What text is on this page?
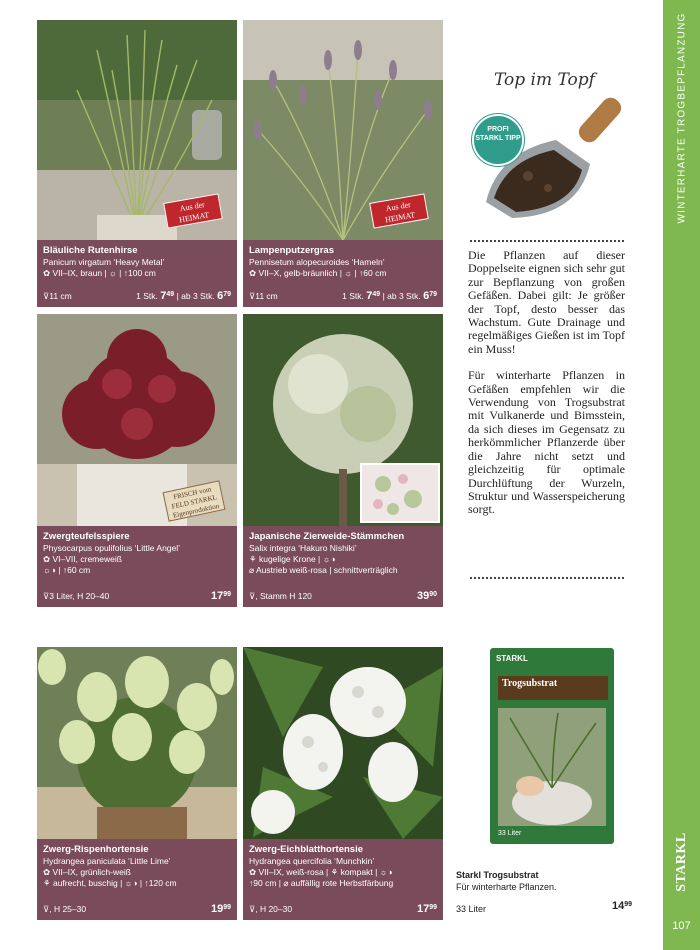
WINTERHARTE TROGBEPFLANZUNG
STARKL
107
Aus der HEIMAT
Bläuliche Rutenhirse
Panicum virgatum ‘Heavy Metal’
✿ VII–IX, braun | ☼ | ↑100 cm
⊽11 cm	1 Stk. $7^{49}$ | ab 3 Stk. $6^{79}$
Aus der HEIMAT
Lampenputzergras
Pennisetum alopecuroides ‘Hameln’
✿ VII–X, gelb-bräunlich | ☼ | ↑60 cm
⊽11 cm	1 Stk. $7^{49}$ | ab 3 Stk. $6^{79}$
FRISCH vom FELD STARKL Eigenproduktion
Zwergteufelsspiere
Physocarpus opulifolius ‘Little Angel’
✿ VI–VII, cremeweiß
☼◑ | ↑60 cm
⊽3 Liter, H 20–40	$17^{99}$
Japanische Zierweide-Stämmchen
Salix integra ‘Hakuro Nishiki’
⚘ kugelige Krone | ☼◑
⌀ Austrieb weiß-rosa | schnittverträglich
⊽, Stamm H 120	$39^{90}$
Zwerg-Rispenhortensie
Hydrangea paniculata ‘Little Lime’
✿ VII–IX, grünlich-weiß
⚘ aufrecht, buschig | ☼◑ | ↑120 cm
⊽, H 25–30	$19^{99}$
Zwerg-Eichblatthortensie
Hydrangea quercifolia ‘Munchkin’
✿ VII–IX, weiß-rosa | ⚘ kompakt | ☼◑
↑90 cm | ⌀ auffällig rote Herbstfärbung
⊽, H 20–30	$17^{99}$
Top im Topf
PROFI STARKL TIPP

Die Pflanzen auf dieser Doppelseite eignen sich sehr gut zur Bepflanzung von großen Gefäßen. Dabei gilt: Je größer der Topf, desto besser das Wachstum. Gute Drainage und regelmäßiges Gießen ist im Topf ein Muss!

Für winterharte Pflanzen in Gefäßen empfehlen wir die Verwendung von Trogsubstrat mit Vulkanerde und Bimsstein, da sich dieses im Gegensatz zu herkömmlicher Pflanzerde über die Jahre nicht setzt und gleichzeitig für optimale Durchlüftung der Wurzeln, Struktur und Wasserspeicherung sorgt.

STARKL
Trogsubstrat
33 Liter
Starkl Trogsubstrat
Für winterharte Pflanzen.
33 Liter	$14^{99}$
